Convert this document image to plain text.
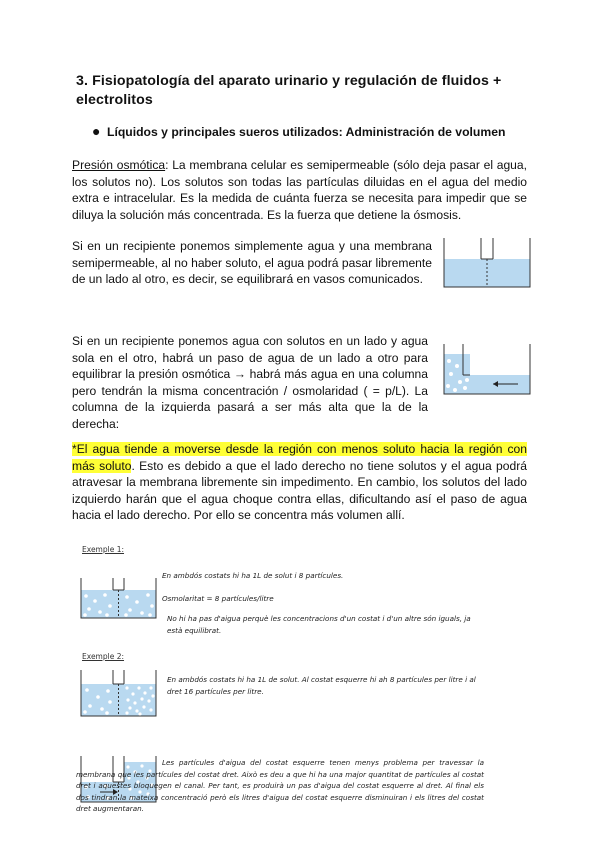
3. Fisiopatología del aparato urinario y regulación de fluidos + electrolitos
● Líquidos y principales sueros utilizados: Administración de volumen
Presión osmótica: La membrana celular es semipermeable (sólo deja pasar el agua, los solutos no). Los solutos son todas las partículas diluidas en el agua del medio extra e intracelular. Es la medida de cuánta fuerza se necesita para impedir que se diluya la solución más concentrada. Es la fuerza que detiene la ósmosis.
Si en un recipiente ponemos simplemente agua y una membrana semipermeable, al no haber soluto, el agua podrá pasar libremente de un lado al otro, es decir, se equilibrará en vasos comunicados.
Si en un recipiente ponemos agua con solutos en un lado y agua sola en el otro, habrá un paso de agua de un lado a otro para equilibrar la presión osmótica → habrá más agua en una columna pero tendrán la misma concentración / osmolaridad ( = p/L). La columna de la izquierda pasará a ser más alta que la de la derecha:
*El agua tiende a moverse desde la región con menos soluto hacia la región con más soluto. Esto es debido a que el lado derecho no tiene solutos y el agua podrá atravesar la membrana libremente sin impedimento. En cambio, los solutos del lado izquierdo harán que el agua choque contra ellas, dificultando así el paso de agua hacia el lado derecho. Por ello se concentra más volumen allí.
Exemple 1:
En ambdós costats hi ha 1L de solut i 8 partícules.
Osmolaritat = 8 partícules/litre
No hi ha pas d'aigua perquè les concentracions d'un costat i d'un altre són iguals, ja està equilibrat.
Exemple 2:
En ambdós costats hi ha 1L de solut. Al costat esquerre hi ah 8 partícules per litre i al dret 16 partícules per litre.
Les partícules d'aigua del costat esquerre tenen menys problema per travessar la membrana que les partícules del costat dret. Això es deu a que hi ha una major quantitat de partícules al costat dret i aquestes bloquegen el canal. Per tant, es produirà un pas d'aigua del costat esquerre al dret. Al final els dos tindran la mateixa concentració però els litres d'aigua del costat esquerre disminuiran i els litres del costat dret augmentaran.
